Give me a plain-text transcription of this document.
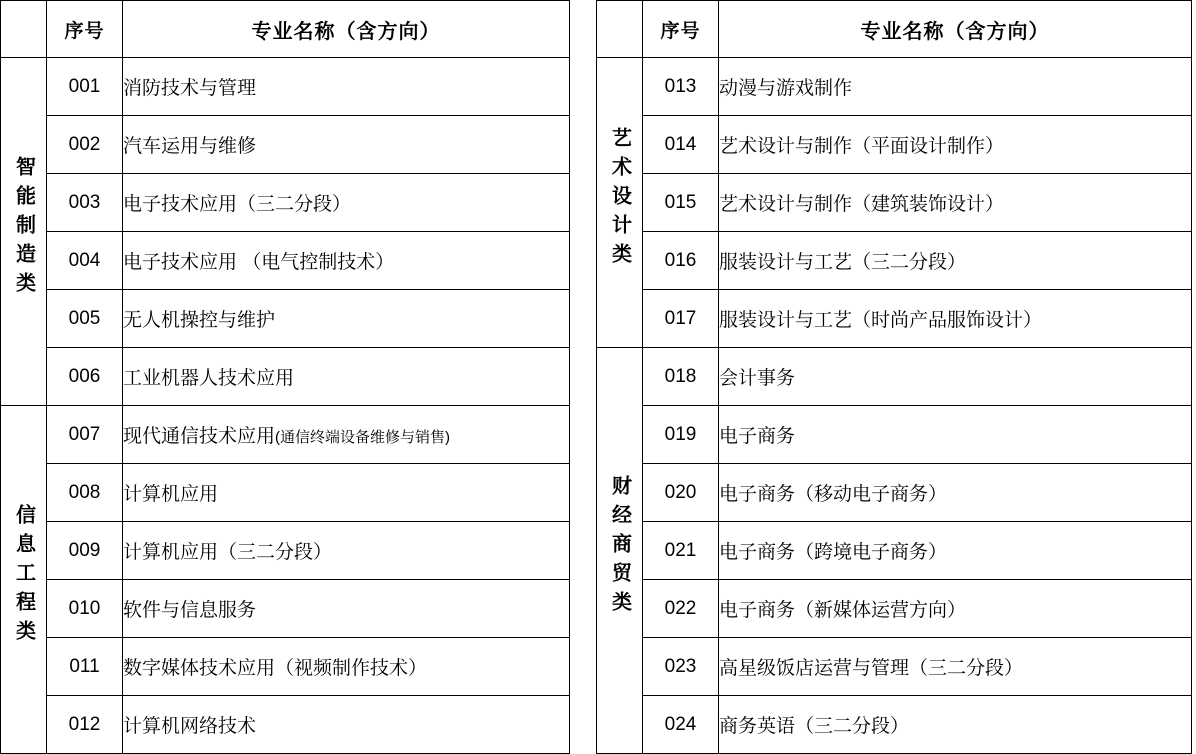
	序号	专业名称（含方向）
智能制造类	001	消防技术与管理
	002	汽车运用与维修
	003	电子技术应用（三二分段）
	004	电子技术应用 （电气控制技术）
	005	无人机操控与维护
	006	工业机器人技术应用
信息工程类	007	现代通信技术应用(通信终端设备维修与销售)
	008	计算机应用
	009	计算机应用（三二分段）
	010	软件与信息服务
	011	数字媒体技术应用（视频制作技术）
	012	计算机网络技术
	序号	专业名称（含方向）
艺术设计类	013	动漫与游戏制作
	014	艺术设计与制作（平面设计制作）
	015	艺术设计与制作（建筑装饰设计）
	016	服装设计与工艺（三二分段）
	017	服装设计与工艺（时尚产品服饰设计）
财经商贸类	018	会计事务
	019	电子商务
	020	电子商务（移动电子商务）
	021	电子商务（跨境电子商务）
	022	电子商务（新媒体运营方向）
	023	高星级饭店运营与管理（三二分段）
	024	商务英语（三二分段）
